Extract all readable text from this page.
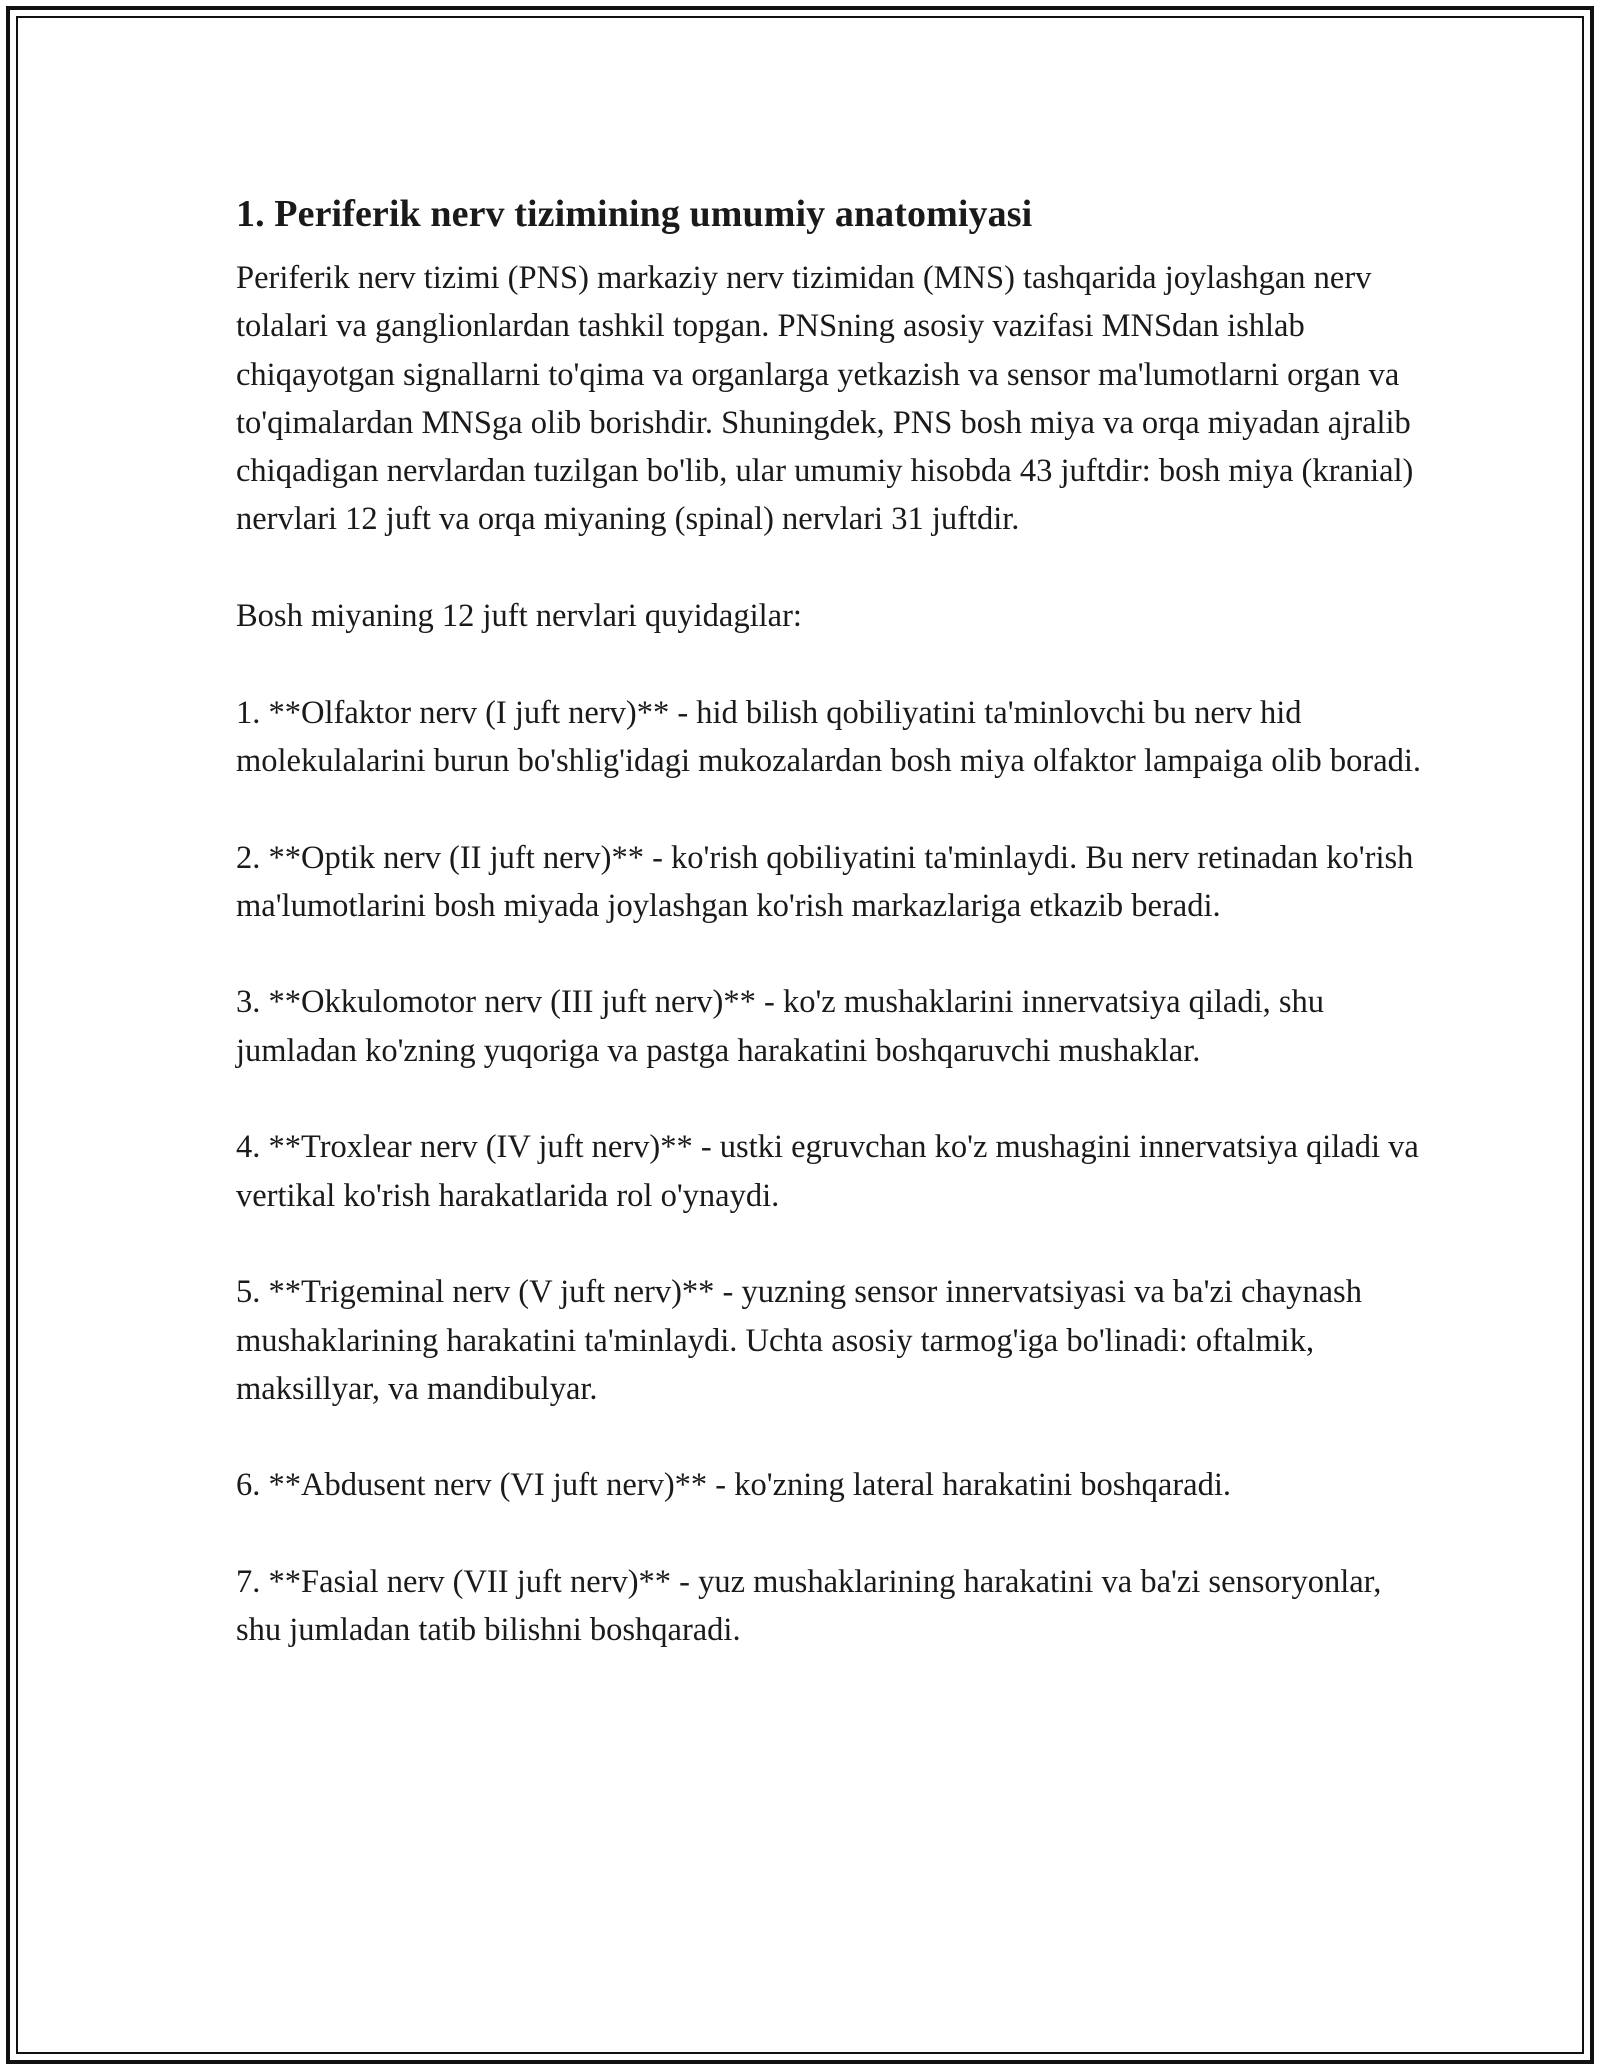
1. Periferik nerv tizimining umumiy anatomiyasi

Periferik nerv tizimi (PNS) markaziy nerv tizimidan (MNS) tashqarida joylashgan nerv tolalari va ganglionlardan tashkil topgan. PNSning asosiy vazifasi MNSdan ishlab chiqayotgan signallarni to'qima va organlarga yetkazish va sensor ma'lumotlarni organ va to'qimalardan MNSga olib borishdir. Shuningdek, PNS bosh miya va orqa miyadan ajralib chiqadigan nervlardan tuzilgan bo'lib, ular umumiy hisobda 43 juftdir: bosh miya (kranial) nervlari 12 juft va orqa miyaning (spinal) nervlari 31 juftdir.

Bosh miyaning 12 juft nervlari quyidagilar:

1. **Olfaktor nerv (I juft nerv)** - hid bilish qobiliyatini ta'minlovchi bu nerv hid molekulalarini burun bo'shlig'idagi mukozalardan bosh miya olfaktor lampaiga olib boradi.

2. **Optik nerv (II juft nerv)** - ko'rish qobiliyatini ta'minlaydi. Bu nerv retinadan ko'rish ma'lumotlarini bosh miyada joylashgan ko'rish markazlariga etkazib beradi.

3. **Okkulomotor nerv (III juft nerv)** - ko'z mushaklarini innervatsiya qiladi, shu jumladan ko'zning yuqoriga va pastga harakatini boshqaruvchi mushaklar.

4. **Troxlear nerv (IV juft nerv)** - ustki egruvchan ko'z mushagini innervatsiya qiladi va vertikal ko'rish harakatlarida rol o'ynaydi.

5. **Trigeminal nerv (V juft nerv)** - yuzning sensor innervatsiyasi va ba'zi chaynash mushaklarining harakatini ta'minlaydi. Uchta asosiy tarmog'iga bo'linadi: oftalmik, maksillyar, va mandibulyar.

6. **Abdusent nerv (VI juft nerv)** - ko'zning lateral harakatini boshqaradi.

7. **Fasial nerv (VII juft nerv)** - yuz mushaklarining harakatini va ba'zi sensoryonlar, shu jumladan tatib bilishni boshqaradi.
